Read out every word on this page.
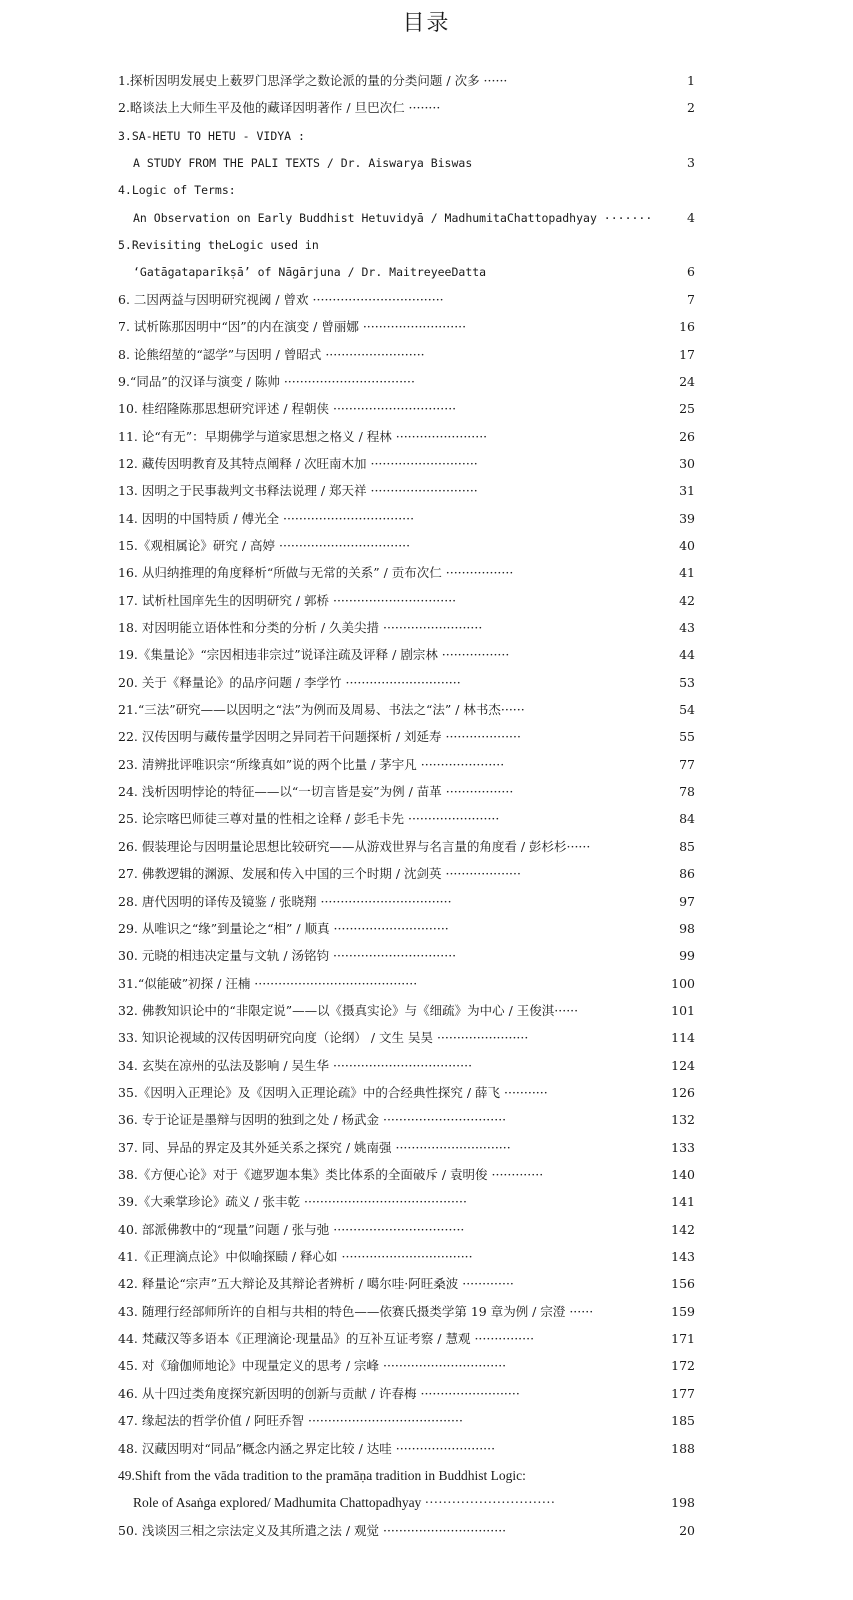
目录
1.探析因明发展史上薮罗门思泽学之数论派的量的分类问题 / 次多 ······	1
2.略谈法上大师生平及他的藏译因明著作 / 旦巴次仁 ········	2
3.SA-HETU TO HETU - VIDYA :
A STUDY FROM THE PALI TEXTS / Dr. Aiswarya Biswas	3
4.Logic of Terms:
An Observation on Early Buddhist Hetuvidyā / MadhumitaChattopadhyay ·······	4
5.Revisiting theLogic used in
‘Gatāgataparīkṣā’ of Nāgārjuna / Dr. MaitreyeeDatta	6
6. 二因两益与因明研究视阈 / 曾欢 ·································	7
7. 试析陈那因明中“因”的内在演变 / 曾丽娜 ··························	16
8. 论熊绍堃的“認学”与因明 / 曾昭式 ·························	17
9.“同品”的汉译与演变 / 陈帅 ·································	24
10. 桂绍隆陈那思想研究评述 / 程朝侠 ·······························	25
11. 论“有无”：早期佛学与道家思想之格义 / 程林 ·······················	26
12. 藏传因明教育及其特点阐释 / 次旺南木加 ···························	30
13. 因明之于民事裁判文书释法说理 / 郑天祥 ···························	31
14. 因明的中国特质 / 傅光全 ·································	39
15.《观相属论》研究 / 高婷 ·································	40
16. 从归纳推理的角度释析“所做与无常的关系” / 贡布次仁 ·················	41
17. 试析杜国庠先生的因明研究 / 郭桥 ·······························	42
18. 对因明能立语体性和分类的分析 / 久美尖措 ·························	43
19.《集量论》“宗因相违非宗过”说译注疏及评释 / 剧宗林 ·················	44
20. 关于《释量论》的品序问题 / 李学竹 ·····························	53
21.“三法”研究——以因明之“法”为例而及周易、书法之“法” / 林书杰······	54
22. 汉传因明与藏传量学因明之异同若干问题探析 / 刘延寿 ···················	55
23. 清辨批评唯识宗“所缘真如”说的两个比量 / 茅宇凡 ·····················	77
24. 浅析因明悖论的特征——以“一切言皆是妄”为例 / 苗革 ·················	78
25. 论宗喀巴师徒三尊对量的性相之诠释 / 彭毛卡先 ·······················	84
26. 假装理论与因明量论思想比较研究——从游戏世界与名言量的角度看 / 彭杉杉······	85
27. 佛教逻辑的渊源、发展和传入中国的三个时期 / 沈剑英 ···················	86
28. 唐代因明的译传及镜鉴 / 张晓翔 ·································	97
29. 从唯识之“缘”到量论之“相” / 顺真 ·····························	98
30. 元晓的相违决定量与文轨 / 汤铭钧 ·······························	99
31.“似能破”初探 / 汪楠 ·········································	100
32. 佛教知识论中的“非限定说”——以《摄真实论》与《细疏》为中心 / 王俊淇······	101
33. 知识论视域的汉传因明研究向度（论纲） / 文生 吴昊 ·······················	114
34. 玄奘在凉州的弘法及影响 / 吴生华 ···································	124
35.《因明入正理论》及《因明入正理论疏》中的合经典性探究 / 薛飞 ···········	126
36. 专于论证是墨辩与因明的独到之处 / 杨武金 ·······························	132
37. 同、异品的界定及其外延关系之探究 / 姚南强 ·····························	133
38.《方便心论》对于《遮罗迦本集》类比体系的全面破斥 / 袁明俊 ·············	140
39.《大乘掌珍论》疏义 / 张丰乾 ·········································	141
40. 部派佛教中的“现量”问题 / 张与弛 ·································	142
41.《正理滴点论》中似喻探赜 / 释心如 ·································	143
42. 释量论“宗声”五大辩论及其辩论者辨析 / 噶尔哇·阿旺桑波 ·············	156
43. 随理行经部师所许的自相与共相的特色——依赛氏摄类学第 19 章为例 / 宗澄 ······	159
44. 梵藏汉等多语本《正理滴论·现量品》的互补互证考察 / 慧观 ···············	171
45. 对《瑜伽师地论》中现量定义的思考 / 宗峰 ·······························	172
46. 从十四过类角度探究新因明的创新与贡献 / 许春梅 ·························	177
47. 缘起法的哲学价值 / 阿旺乔智 ·······································	185
48. 汉藏因明对“同品”概念内涵之界定比较 / 达哇 ·························	188
49.Shift from the vāda tradition to the pramāṇa tradition in Buddhist Logic:
Role of Asaṅga explored/ Madhumita Chattopadhyay ·····························	198
50. 浅谈因三相之宗法定义及其所遣之法 / 观觉 ·······························	20
